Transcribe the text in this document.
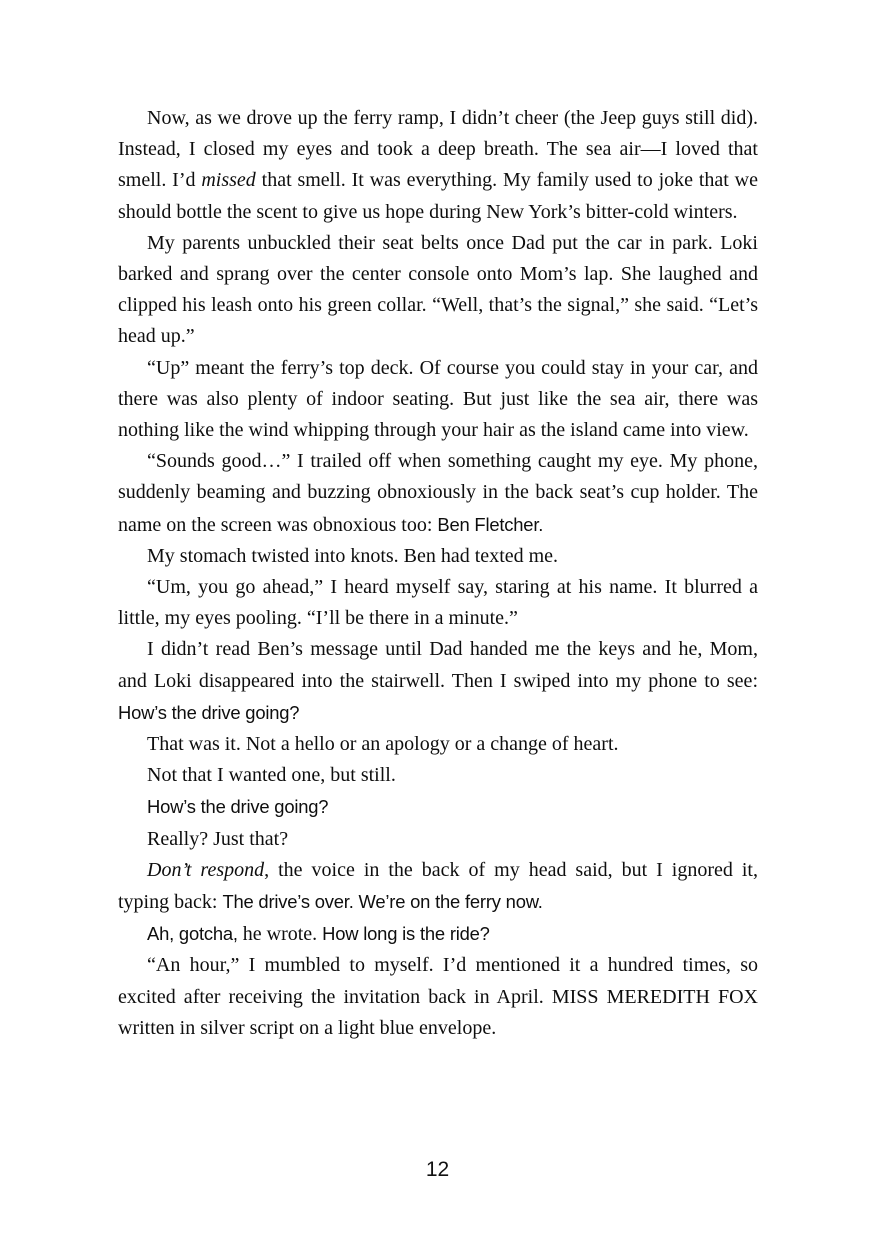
Now, as we drove up the ferry ramp, I didn’t cheer (the Jeep guys still did). Instead, I closed my eyes and took a deep breath. The sea air—I loved that smell. I’d missed that smell. It was everything. My family used to joke that we should bottle the scent to give us hope during New York’s bitter-cold winters.

My parents unbuckled their seat belts once Dad put the car in park. Loki barked and sprang over the center console onto Mom’s lap. She laughed and clipped his leash onto his green collar. “Well, that’s the signal,” she said. “Let’s head up.”

“Up” meant the ferry’s top deck. Of course you could stay in your car, and there was also plenty of indoor seating. But just like the sea air, there was nothing like the wind whipping through your hair as the island came into view.

“Sounds good…” I trailed off when something caught my eye. My phone, suddenly beaming and buzzing obnoxiously in the back seat’s cup holder. The name on the screen was obnoxious too: Ben Fletcher.

My stomach twisted into knots. Ben had texted me.

“Um, you go ahead,” I heard myself say, staring at his name. It blurred a little, my eyes pooling. “I’ll be there in a minute.”

I didn’t read Ben’s message until Dad handed me the keys and he, Mom, and Loki disappeared into the stairwell. Then I swiped into my phone to see: How’s the drive going?

That was it. Not a hello or an apology or a change of heart.

Not that I wanted one, but still.

How’s the drive going?

Really? Just that?

Don’t respond, the voice in the back of my head said, but I ignored it, typing back: The drive’s over. We’re on the ferry now.

Ah, gotcha, he wrote. How long is the ride?

“An hour,” I mumbled to myself. I’d mentioned it a hundred times, so excited after receiving the invitation back in April. MISS MEREDITH FOX written in silver script on a light blue envelope.

12
